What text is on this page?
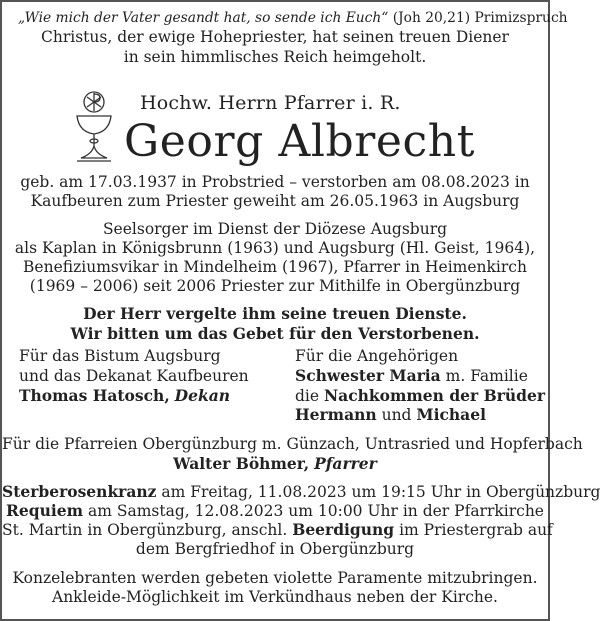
„Wie mich der Vater gesandt hat, so sende ich Euch“ (Joh 20,21) Primizspruch
Christus, der ewige Hohepriester, hat seinen treuen Diener
in sein himmlisches Reich heimgeholt.
Hochw. Herrn Pfarrer i. R.
Georg Albrecht
geb. am 17.03.1937 in Probstried – verstorben am 08.08.2023 in
Kaufbeuren zum Priester geweiht am 26.05.1963 in Augsburg
Seelsorger im Dienst der Diözese Augsburg
als Kaplan in Königsbrunn (1963) und Augsburg (Hl. Geist, 1964),
Benefiziumsvikar in Mindelheim (1967), Pfarrer in Heimenkirch
(1969 – 2006) seit 2006 Priester zur Mithilfe in Obergünzburg
Der Herr vergelte ihm seine treuen Dienste.
Wir bitten um das Gebet für den Verstorbenen.
Für das Bistum Augsburg
und das Dekanat Kaufbeuren
Thomas Hatosch, Dekan
Für die Angehörigen
Schwester Maria m. Familie
die Nachkommen der Brüder
Hermann und Michael
Für die Pfarreien Obergünzburg m. Günzach, Untrasried und Hopferbach
Walter Böhmer, Pfarrer
Sterberosenkranz am Freitag, 11.08.2023 um 19:15 Uhr in Obergünzburg
Requiem am Samstag, 12.08.2023 um 10:00 Uhr in der Pfarrkirche
St. Martin in Obergünzburg, anschl. Beerdigung im Priestergrab auf
dem Bergfriedhof in Obergünzburg
Konzelebranten werden gebeten violette Paramente mitzubringen.
Ankleide-Möglichkeit im Verkündhaus neben der Kirche.
